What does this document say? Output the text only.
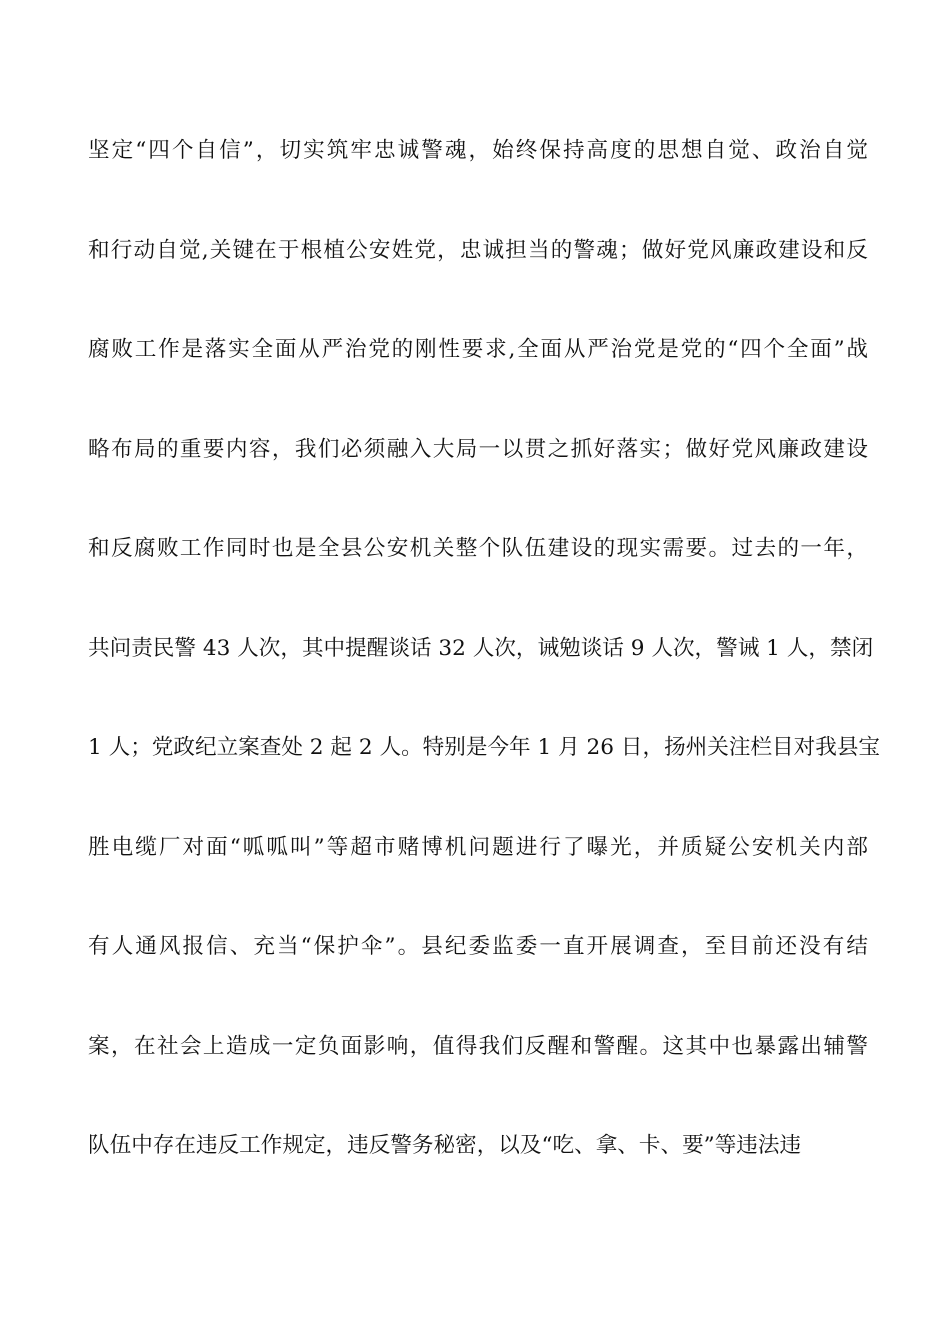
坚定“四个自信”，切实筑牢忠诚警魂，始终保持高度的思想自觉、政治自觉
和行动自觉,关键在于根植公安姓党，忠诚担当的警魂；做好党风廉政建设和反
腐败工作是落实全面从严治党的刚性要求,全面从严治党是党的“四个全面”战
略布局的重要内容，我们必须融入大局一以贯之抓好落实；做好党风廉政建设
和反腐败工作同时也是全县公安机关整个队伍建设的现实需要。过去的一年，
共问责民警 43 人次，其中提醒谈话 32 人次，诫勉谈话 9 人次，警诫 1 人，禁闭
1 人；党政纪立案查处 2 起 2 人。特别是今年 1 月 26 日，扬州关注栏目对我县宝
胜电缆厂对面“呱呱叫”等超市赌博机问题进行了曝光，并质疑公安机关内部
有人通风报信、充当“保护伞”。县纪委监委一直开展调查，至目前还没有结
案，在社会上造成一定负面影响，值得我们反醒和警醒。这其中也暴露出辅警
队伍中存在违反工作规定，违反警务秘密，以及“吃、拿、卡、要”等违法违
